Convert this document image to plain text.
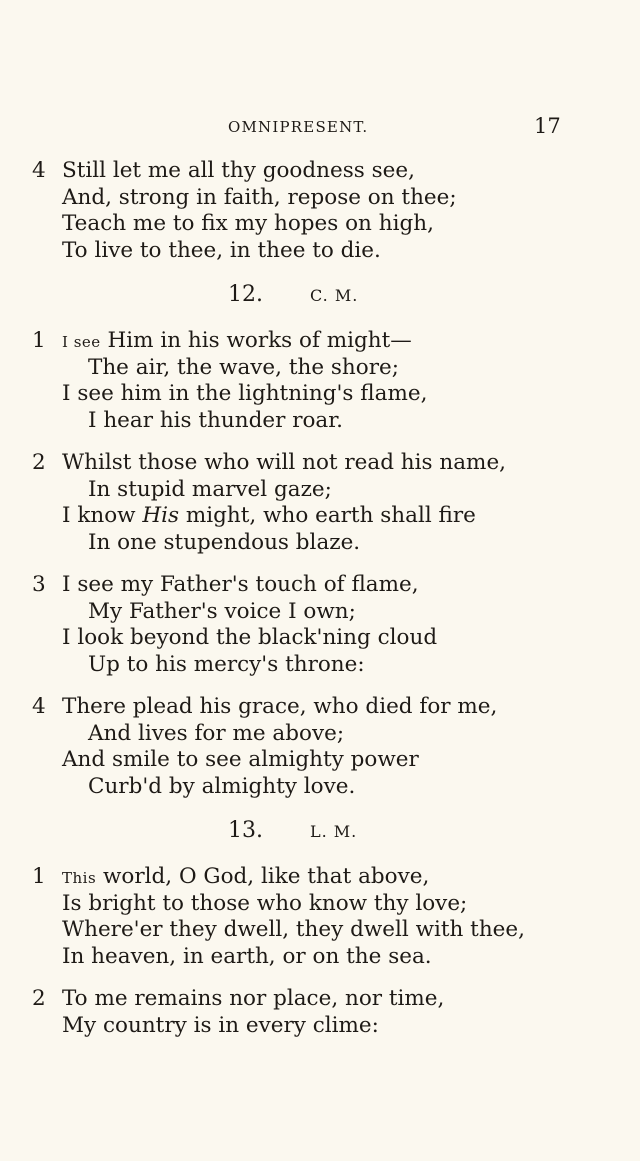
OMNIPRESENT.	17
4 Still let me all thy goodness see,
And, strong in faith, repose on thee;
Teach me to fix my hopes on high,
To live to thee, in thee to die.
12.	C. M.
1 I see Him in his works of might—
The air, the wave, the shore;
I see him in the lightning's flame,
I hear his thunder roar.
2 Whilst those who will not read his name,
In stupid marvel gaze;
I know His might, who earth shall fire
In one stupendous blaze.
3 I see my Father's touch of flame,
My Father's voice I own;
I look beyond the black'ning cloud
Up to his mercy's throne:
4 There plead his grace, who died for me,
And lives for me above;
And smile to see almighty power
Curb'd by almighty love.
13.	L. M.
1 This world, O God, like that above,
Is bright to those who know thy love;
Where'er they dwell, they dwell with thee,
In heaven, in earth, or on the sea.
2 To me remains nor place, nor time,
My country is in every clime:
